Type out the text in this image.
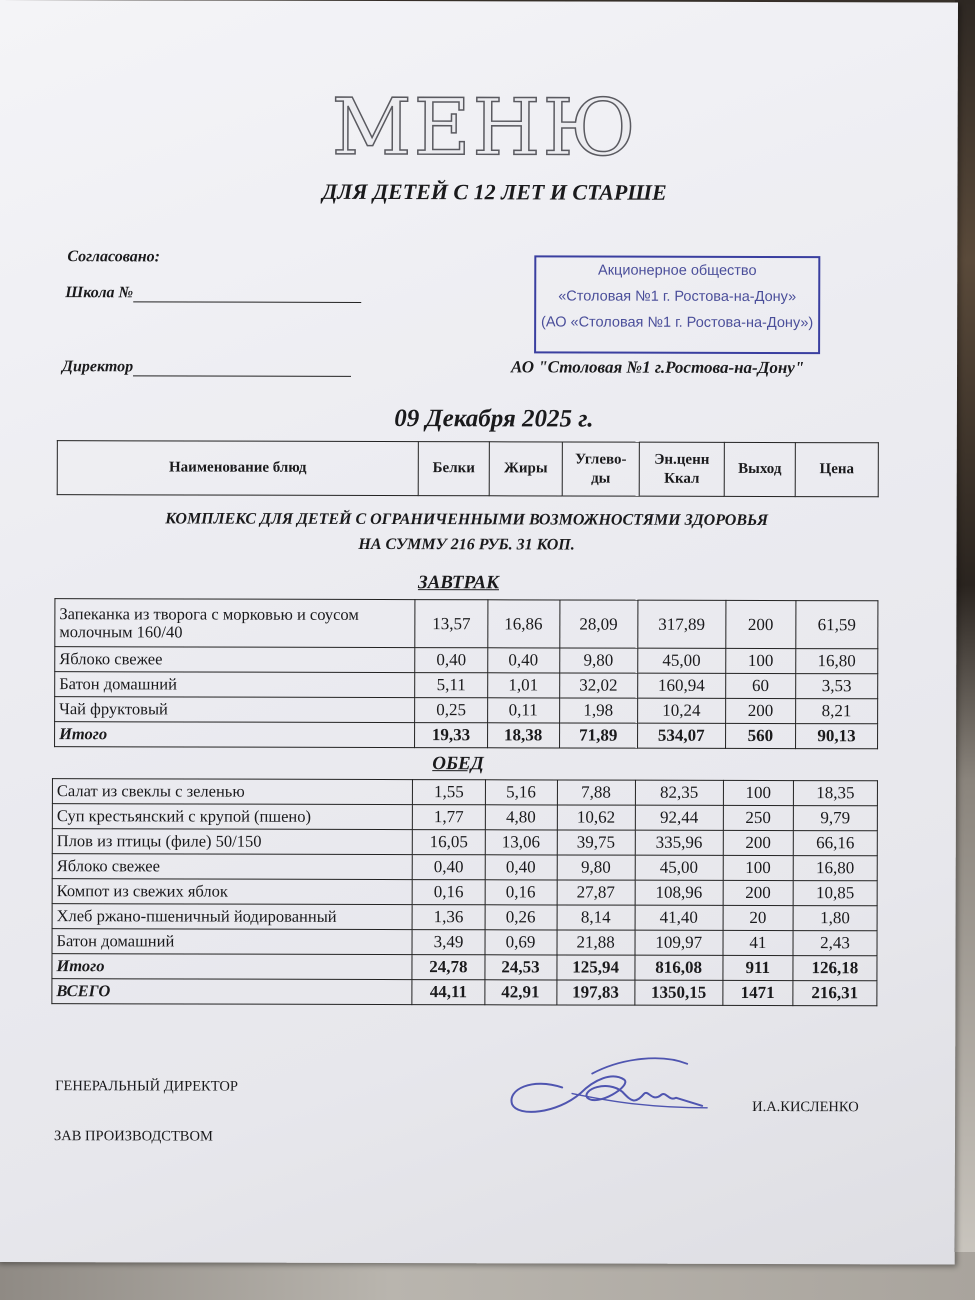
МЕНЮ
ДЛЯ ДЕТЕЙ С 12 ЛЕТ И СТАРШЕ
Согласовано:
Школа №
Директор
Акционерное общество
«Столовая №1 г. Ростова-на-Дону»
(АО «Столовая №1 г. Ростова-на-Дону»)
АО "Столовая №1 г.Ростова-на-Дону"
09 Декабря 2025 г.
Наименование блюд	Белки	Жиры	Углево-ды	Эн.ценн Ккал	Выход	Цена
КОМПЛЕКС ДЛЯ ДЕТЕЙ С ОГРАНИЧЕННЫМИ ВОЗМОЖНОСТЯМИ ЗДОРОВЬЯ
НА СУММУ 216 РУБ. 31 КОП.
ЗАВТРАК
Запеканка из творога с морковью и соусом молочным 160/40	13,57	16,86	28,09	317,89	200	61,59
Яблоко свежее	0,40	0,40	9,80	45,00	100	16,80
Батон домашний	5,11	1,01	32,02	160,94	60	3,53
Чай фруктовый	0,25	0,11	1,98	10,24	200	8,21
Итого	19,33	18,38	71,89	534,07	560	90,13
ОБЕД
Салат из свеклы с зеленью	1,55	5,16	7,88	82,35	100	18,35
Суп крестьянский с крупой (пшено)	1,77	4,80	10,62	92,44	250	9,79
Плов из птицы (филе) 50/150	16,05	13,06	39,75	335,96	200	66,16
Яблоко свежее	0,40	0,40	9,80	45,00	100	16,80
Компот из свежих яблок	0,16	0,16	27,87	108,96	200	10,85
Хлеб ржано-пшеничный йодированный	1,36	0,26	8,14	41,40	20	1,80
Батон домашний	3,49	0,69	21,88	109,97	41	2,43
Итого	24,78	24,53	125,94	816,08	911	126,18
ВСЕГО	44,11	42,91	197,83	1350,15	1471	216,31
ГЕНЕРАЛЬНЫЙ ДИРЕКТОР
И.А.КИСЛЕНКО
ЗАВ ПРОИЗВОДСТВОМ
